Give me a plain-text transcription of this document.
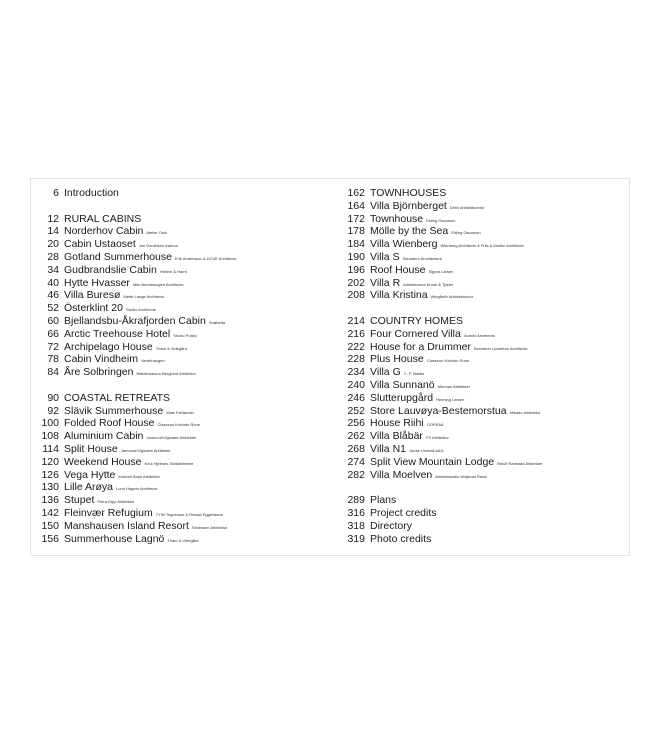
6 Introduction
12 RURAL CABINS
14 Norderhov Cabin Atelier Oslo
20 Cabin Ustaoset Jon Danielsen Aarhus
28 Gotland Summerhouse Erik Andersson & DCVE Architects
34 Gudbrandslie Cabin Hellem & Hamt
40 Hytte Hvasser Mile Brendskogen Architects
46 Villa Buresø Mette Lange Architects
52 Österklint 20 Studio Architects
60 Bjellandsbu-Åkrafjorden Cabin Snøhetta
66 Arctic Treehouse Hotel Studio Puisto
72 Archipelago House Tham & Videgård
78 Cabin Vindheim Vardehaugen
84 Åre Solbringen Waldemarson Berglund Arkitekter
90 COASTAL RETREATS
92 Slävik Summerhouse Mats Fahlander
100 Folded Roof House Claesson Koivisto Rune
108 Aluminium Cabin Jarmund/Vigsnæs Arkitekter
114 Split House Jarmund/Vigsnæs Arkitekter
120 Weekend House Knut Hjeltnes Sivilarkitekter
126 Vega Hytte Kolman Boye Arkitekter
130 Lille Arøya Lund Hagem Architects
136 Stupet Petra Gipp Arkitektur
142 Fleinvær Refugium TYIN Tegnestue & Rintala Eggertsson
150 Manshausen Island Resort Stinessen Arkitektur
156 Summerhouse Lagnö Tham & Videgård
162 TOWNHOUSES
164 Villa Björnberget Delin Arkitektkontor
172 Townhouse Elding Oscarson
178 Mölle by the Sea Elding Oscarson
184 Villa Wienberg Wienberg Architects & Friis & Moltke Architects
190 Villa S Saunders Architecture
196 Roof House Sigurd Larsen
202 Villa R Arkitektorma Krook & Tjäder
208 Villa Kristina Wingårdh Arkitektkontor
214 COUNTRY HOMES
216 Four Cornered Villa Avanto Architects
222 House for a Drummer Bornstein Lyckefors Architects
228 Plus House Claesson Koivisto Rune
234 Villa G C. F. Møller
240 Villa Sunnanö Murman Arkitekter
246 Slutterupgård Henning Larsen
252 Store Lauvøya-Bestemorstua Mikado Arkitektur
256 House Riihi OOPEAA
262 Villa Blåbär FS Arkitektur
268 Villa N1 Jonas Lindvall A&D
274 Split View Mountain Lodge Reiulf Ramstad Arkitekter
282 Villa Moelven Arkitektstudio Widjedal Racki
289 Plans
316 Project credits
318 Directory
319 Photo credits
